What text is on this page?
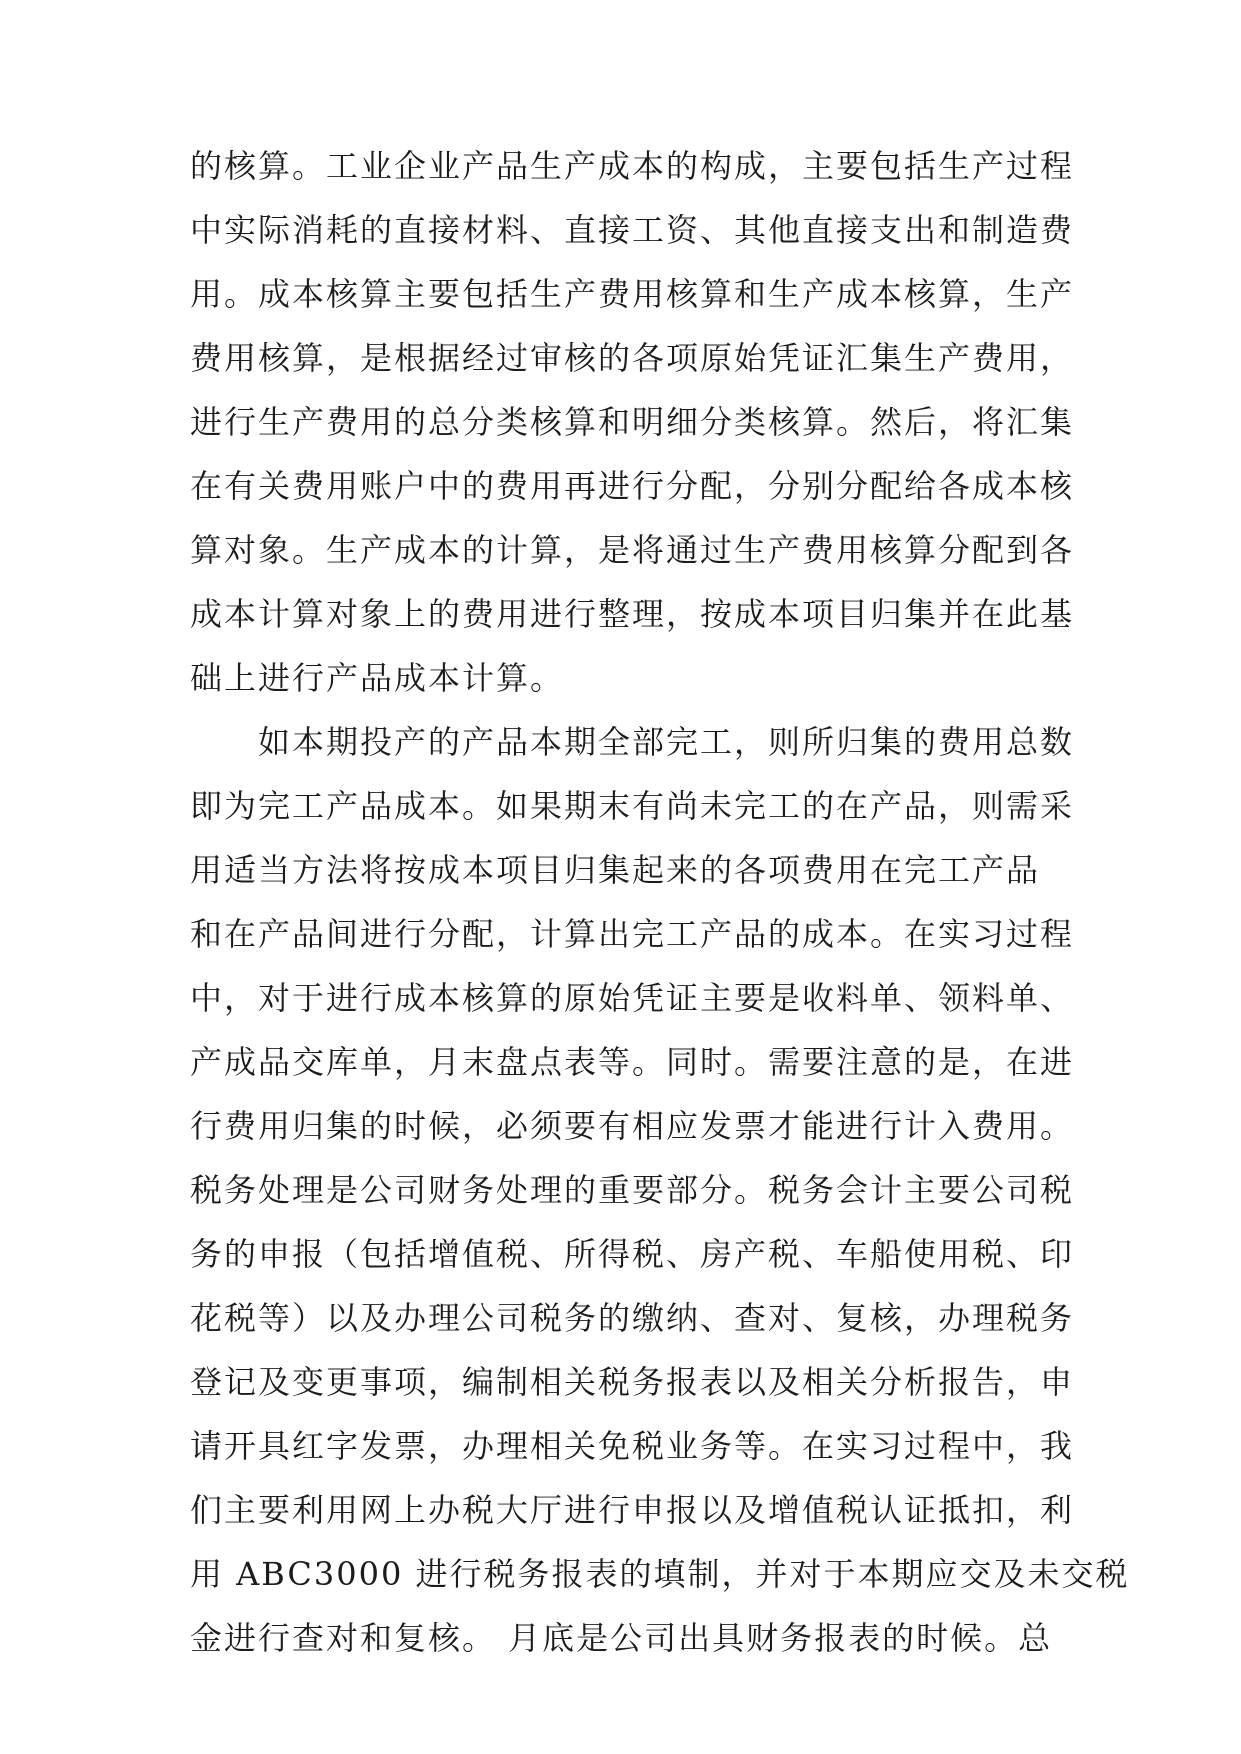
的核算。工业企业产品生产成本的构成，主要包括生产过程
中实际消耗的直接材料、直接工资、其他直接支出和制造费
用。成本核算主要包括生产费用核算和生产成本核算，生产
费用核算，是根据经过审核的各项原始凭证汇集生产费用，
进行生产费用的总分类核算和明细分类核算。然后，将汇集
在有关费用账户中的费用再进行分配，分别分配给各成本核
算对象。生产成本的计算，是将通过生产费用核算分配到各
成本计算对象上的费用进行整理，按成本项目归集并在此基
础上进行产品成本计算。
　　如本期投产的产品本期全部完工，则所归集的费用总数
即为完工产品成本。如果期末有尚未完工的在产品，则需采
用适当方法将按成本项目归集起来的各项费用在完工产品
和在产品间进行分配，计算出完工产品的成本。在实习过程
中，对于进行成本核算的原始凭证主要是收料单、领料单、
产成品交库单，月末盘点表等。同时。需要注意的是，在进
行费用归集的时候，必须要有相应发票才能进行计入费用。
税务处理是公司财务处理的重要部分。税务会计主要公司税
务的申报（包括增值税、所得税、房产税、车船使用税、印
花税等）以及办理公司税务的缴纳、查对、复核，办理税务
登记及变更事项，编制相关税务报表以及相关分析报告，申
请开具红字发票，办理相关免税业务等。在实习过程中，我
们主要利用网上办税大厅进行申报以及增值税认证抵扣，利
用 ABC3000 进行税务报表的填制，并对于本期应交及未交税
金进行查对和复核。 月底是公司出具财务报表的时候。总
